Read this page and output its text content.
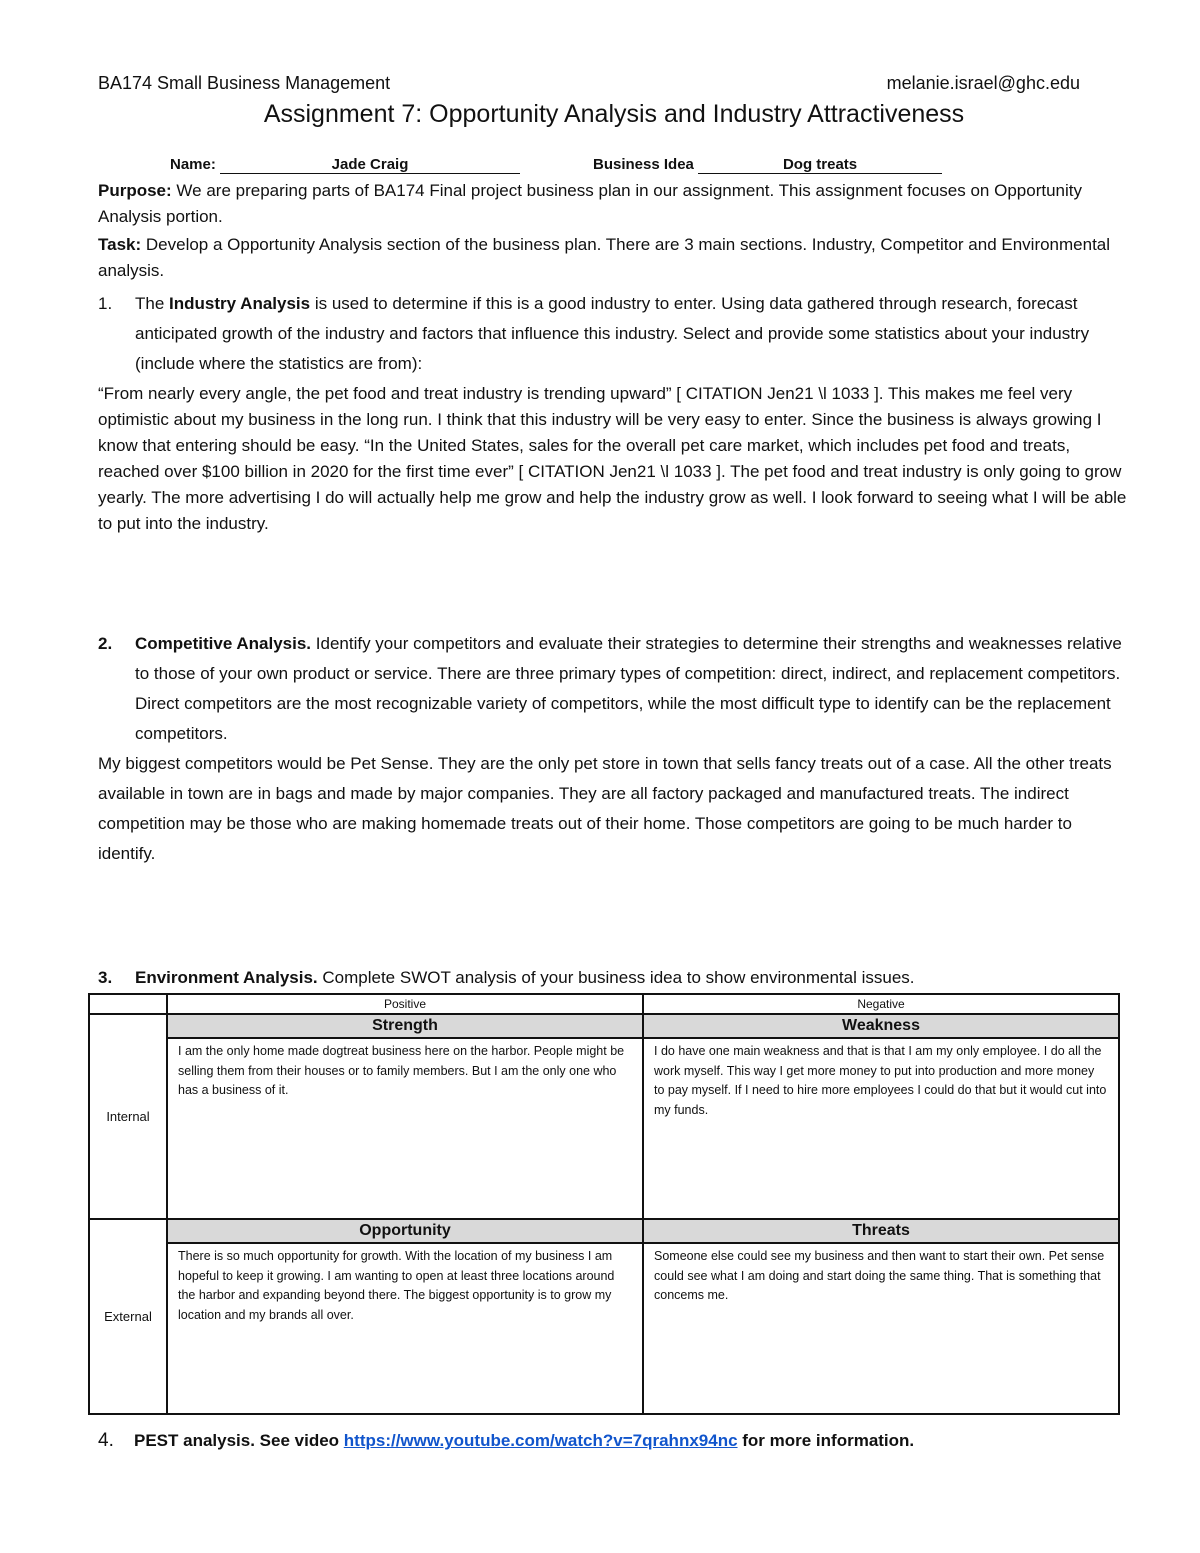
BA174 Small Business Management	melanie.israel@ghc.edu
Assignment 7: Opportunity Analysis and Industry Attractiveness
Name:	Jade Craig	Business Idea	Dog treats

Purpose: We are preparing parts of BA174 Final project business plan in our assignment. This assignment focuses on Opportunity Analysis portion.

Task: Develop a Opportunity Analysis section of the business plan. There are 3 main sections. Industry, Competitor and Environmental analysis.

1. The Industry Analysis is used to determine if this is a good industry to enter. Using data gathered through research, forecast anticipated growth of the industry and factors that influence this industry. Select and provide some statistics about your industry (include where the statistics are from):

“From nearly every angle, the pet food and treat industry is trending upward” [ CITATION Jen21 \l 1033 ]. This makes me feel very optimistic about my business in the long run. I think that this industry will be very easy to enter. Since the business is always growing I know that entering should be easy. “In the United States, sales for the overall pet care market, which includes pet food and treats, reached over $100 billion in 2020 for the first time ever” [ CITATION Jen21 \l 1033 ]. The pet food and treat industry is only going to grow yearly. The more advertising I do will actually help me grow and help the industry grow as well. I look forward to seeing what I will be able to put into the industry.

2. Competitive Analysis. Identify your competitors and evaluate their strategies to determine their strengths and weaknesses relative to those of your own product or service. There are three primary types of competition: direct, indirect, and replacement competitors. Direct competitors are the most recognizable variety of competitors, while the most difficult type to identify can be the replacement competitors.

My biggest competitors would be Pet Sense. They are the only pet store in town that sells fancy treats out of a case. All the other treats available in town are in bags and made by major companies. They are all factory packaged and manufactured treats. The indirect competition may be those who are making homemade treats out of their home. Those competitors are going to be much harder to identify.

3. Environment Analysis. Complete SWOT analysis of your business idea to show environmental issues.
	Positive	Negative
Internal	Strength	Weakness
	I am the only home made dogtreat business here on the harbor. People might be selling them from their houses or to family members. But I am the only one who has a business of it.	I do have one main weakness and that is that I am my only employee. I do all the work myself. This way I get more money to put into production and more money to pay myself. If I need to hire more employees I could do that but it would cut into my funds.
External	Opportunity	Threats
	There is so much opportunity for growth. With the location of my business I am hopeful to keep it growing. I am wanting to open at least three locations around the harbor and expanding beyond there. The biggest opportunity is to grow my location and my brands all over.	Someone else could see my business and then want to start their own. Pet sense could see what I am doing and start doing the same thing. That is something that concems me.
4. PEST analysis. See video https://www.youtube.com/watch?v=7qrahnx94nc for more information.
